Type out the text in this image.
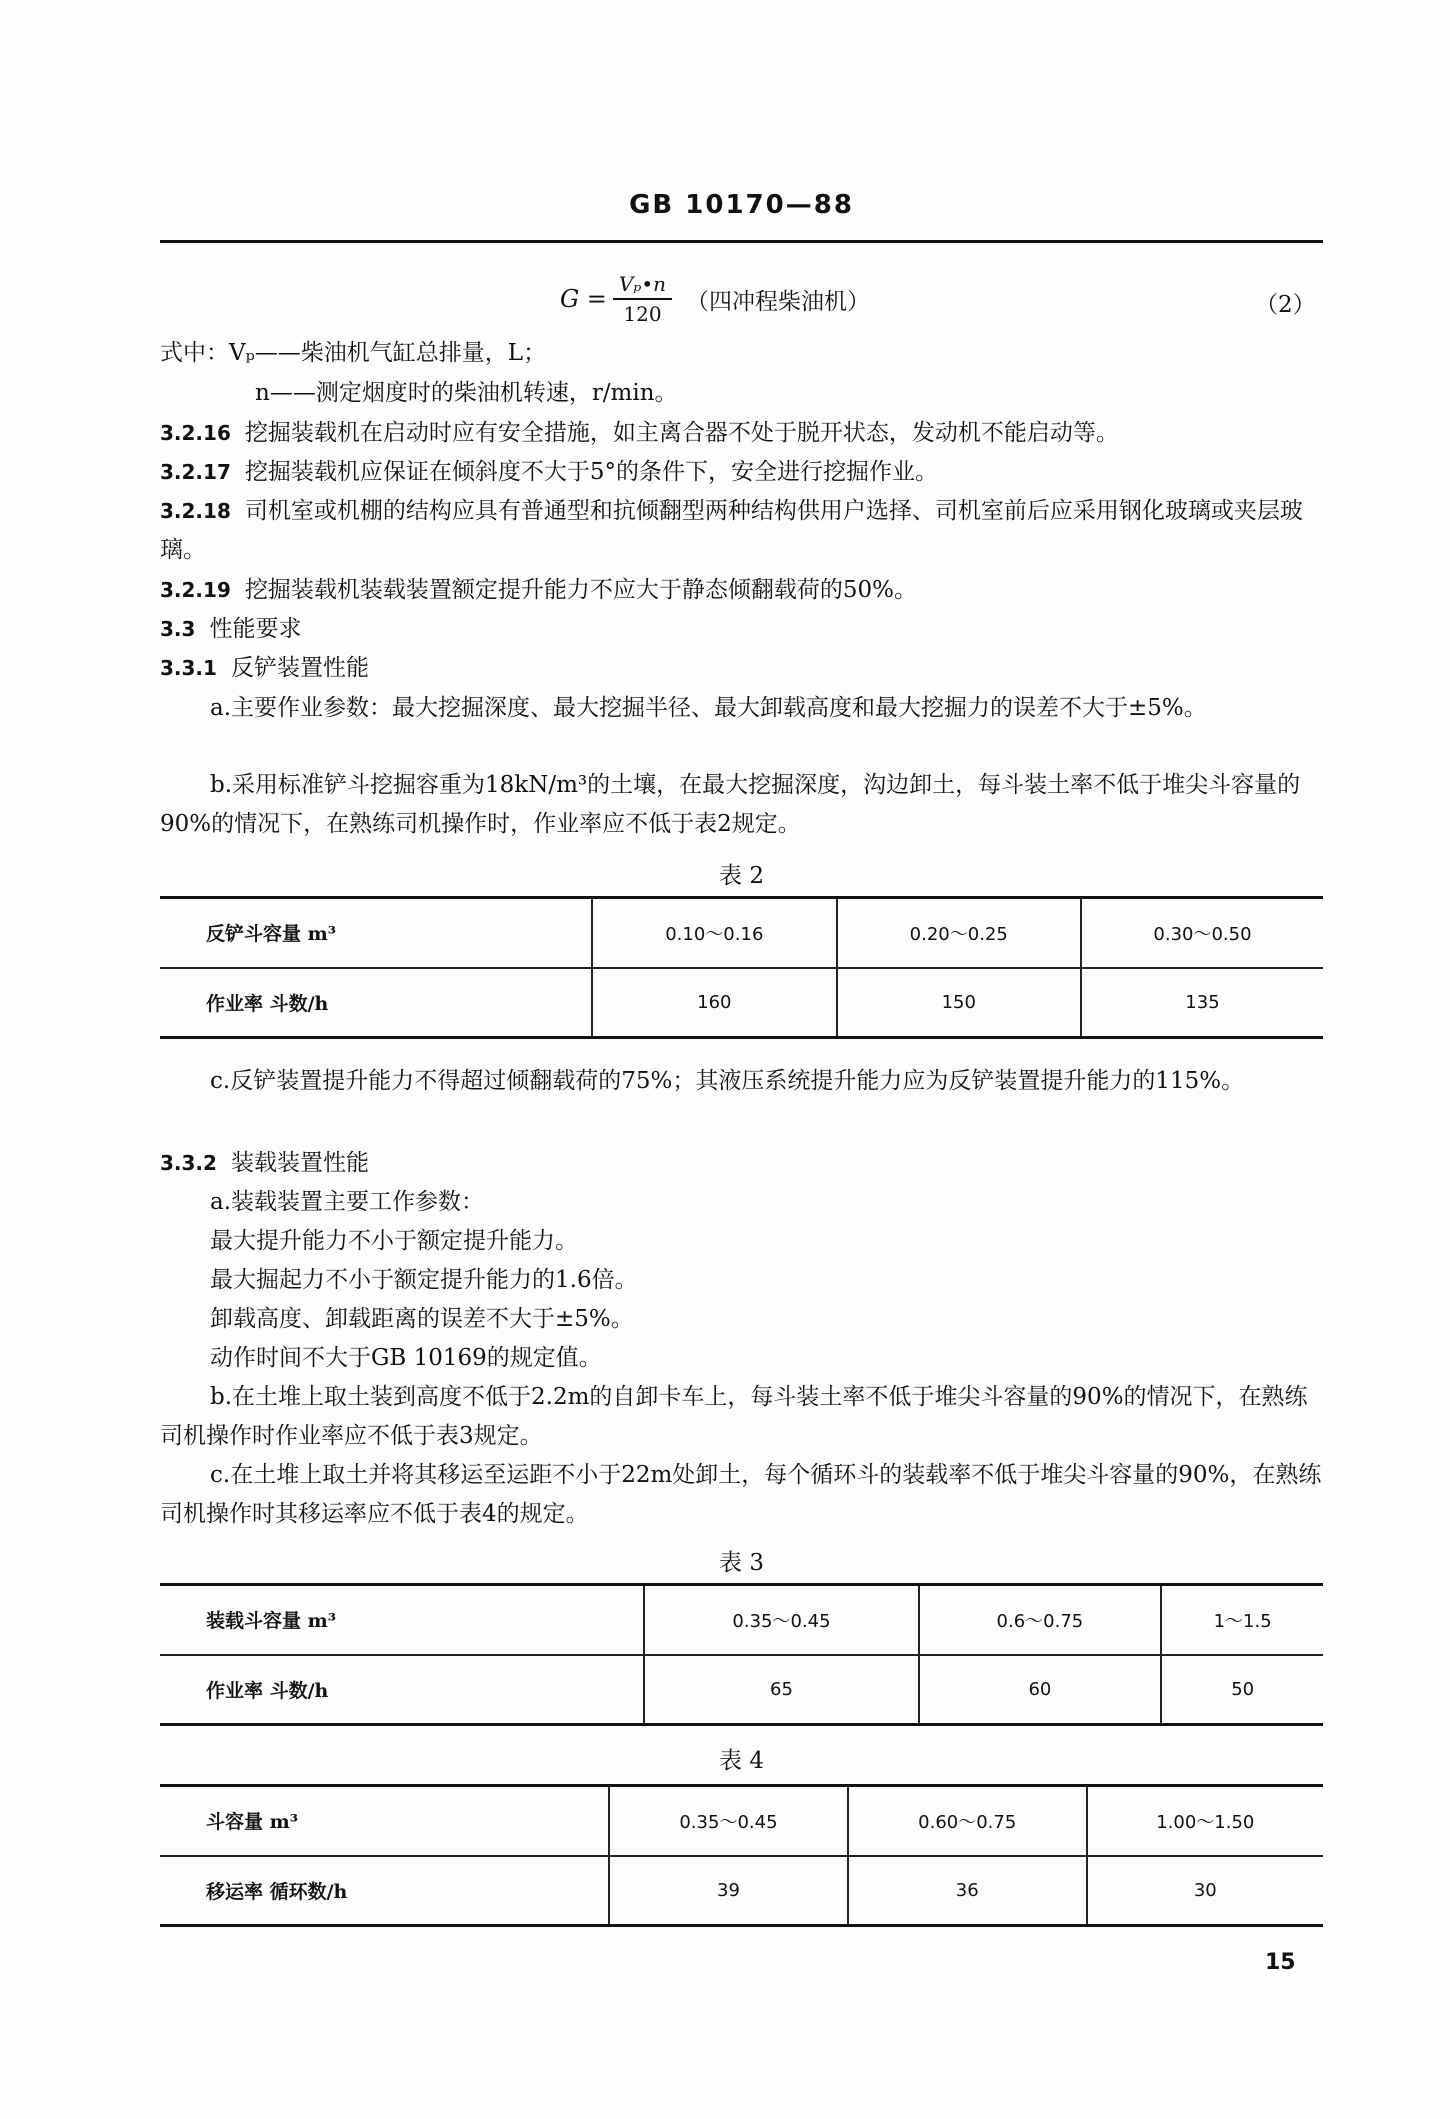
GB 10170—88
$G = \frac{\text{Vₚ•n}}{120}$ （四冲程柴油机）	（2）
式中：Vₚ——柴油机气缸总排量，L；
n——测定烟度时的柴油机转速，r/min。
3.2.16 挖掘装载机在启动时应有安全措施，如主离合器不处于脱开状态，发动机不能启动等。
3.2.17 挖掘装载机应保证在倾斜度不大于5°的条件下，安全进行挖掘作业。
3.2.18 司机室或机棚的结构应具有普通型和抗倾翻型两种结构供用户选择、司机室前后应采用钢化玻璃或夹层玻璃。
3.2.19 挖掘装载机装载装置额定提升能力不应大于静态倾翻载荷的50%。
3.3 性能要求
3.3.1 反铲装置性能
a.主要作业参数：最大挖掘深度、最大挖掘半径、最大卸载高度和最大挖掘力的误差不大于±5%。
b.采用标准铲斗挖掘容重为18kN/m³的土壤，在最大挖掘深度，沟边卸土，每斗装土率不低于堆尖斗容量的90%的情况下，在熟练司机操作时，作业率应不低于表2规定。
表 2
反铲斗容量 m³	0.10～0.16	0.20～0.25	0.30～0.50
作业率 斗数/h	160	150	135
c.反铲装置提升能力不得超过倾翻载荷的75%；其液压系统提升能力应为反铲装置提升能力的115%。
3.3.2 装载装置性能
a.装载装置主要工作参数：
最大提升能力不小于额定提升能力。
最大掘起力不小于额定提升能力的1.6倍。
卸载高度、卸载距离的误差不大于±5%。
动作时间不大于GB 10169的规定值。
b.在土堆上取土装到高度不低于2.2m的自卸卡车上，每斗装土率不低于堆尖斗容量的90%的情况下，在熟练司机操作时作业率应不低于表3规定。
c.在土堆上取土并将其移运至运距不小于22m处卸土，每个循环斗的装载率不低于堆尖斗容量的90%，在熟练司机操作时其移运率应不低于表4的规定。
表 3
装载斗容量 m³	0.35～0.45	0.6～0.75	1～1.5
作业率 斗数/h	65	60	50
表 4
斗容量 m³	0.35～0.45	0.60～0.75	1.00～1.50
移运率 循环数/h	39	36	30
15
